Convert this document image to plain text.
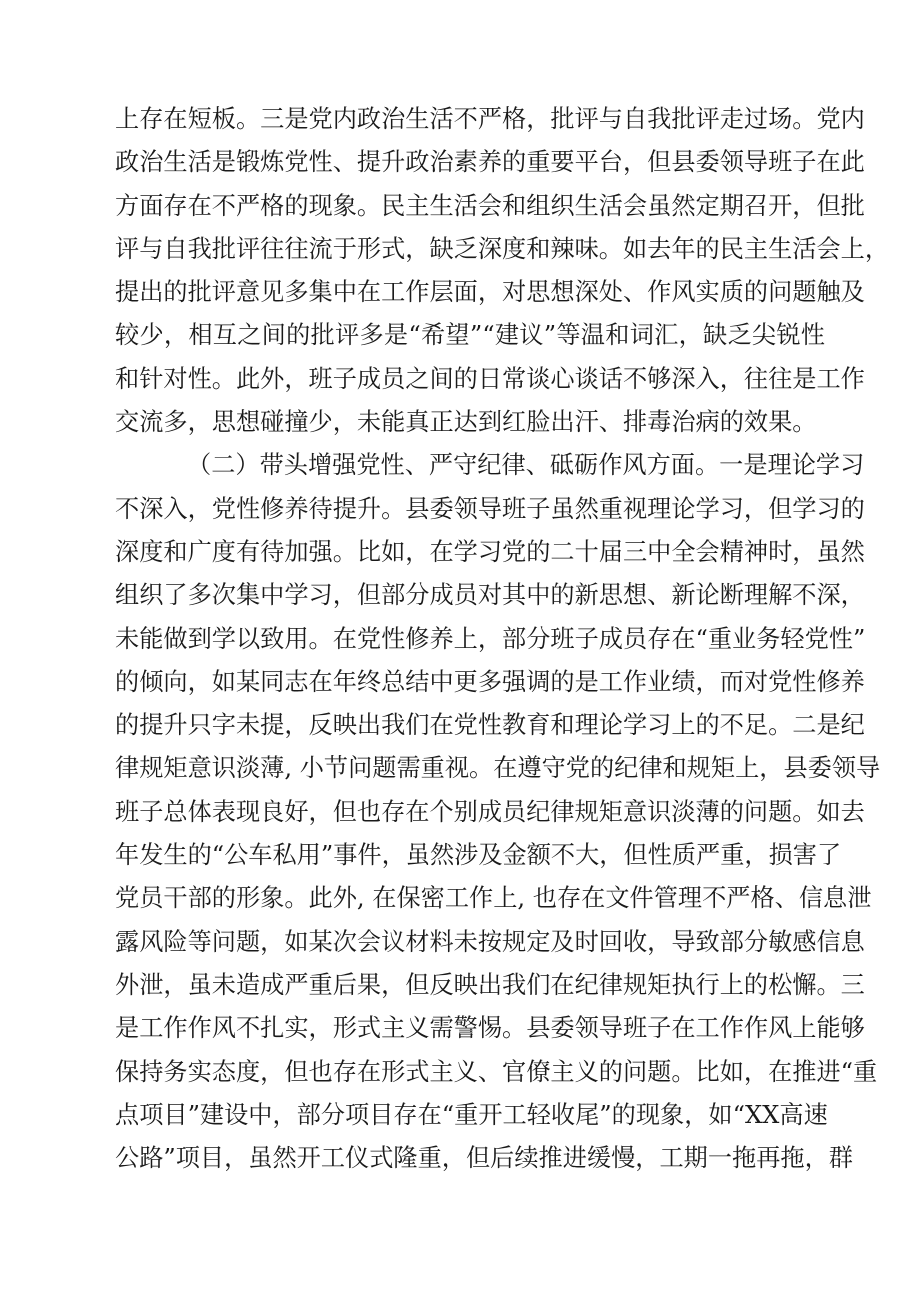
上存在短板。三是党内政治生活不严格，批评与自我批评走过场。党内
政治生活是锻炼党性、提升政治素养的重要平台，但县委领导班子在此
方面存在不严格的现象。民主生活会和组织生活会虽然定期召开，但批
评与自我批评往往流于形式，缺乏深度和辣味。如去年的民主生活会上，
提出的批评意见多集中在工作层面，对思想深处、作风实质的问题触及
较少，相互之间的批评多是“希望”“建议”等温和词汇，缺乏尖锐性
和针对性。此外，班子成员之间的日常谈心谈话不够深入，往往是工作
交流多，思想碰撞少，未能真正达到红脸出汗、排毒治病的效果。
（二）带头增强党性、严守纪律、砥砺作风方面。一是理论学习
不深入，党性修养待提升。县委领导班子虽然重视理论学习，但学习的
深度和广度有待加强。比如，在学习党的二十届三中全会精神时，虽然
组织了多次集中学习，但部分成员对其中的新思想、新论断理解不深，
未能做到学以致用。在党性修养上，部分班子成员存在“重业务轻党性”
的倾向，如某同志在年终总结中更多强调的是工作业绩，而对党性修养
的提升只字未提，反映出我们在党性教育和理论学习上的不足。二是纪
律规矩意识淡薄, 小节问题需重视。在遵守党的纪律和规矩上，县委领导
班子总体表现良好，但也存在个别成员纪律规矩意识淡薄的问题。如去
年发生的“公车私用”事件，虽然涉及金额不大，但性质严重，损害了
党员干部的形象。此外, 在保密工作上, 也存在文件管理不严格、信息泄
露风险等问题，如某次会议材料未按规定及时回收，导致部分敏感信息
外泄，虽未造成严重后果，但反映出我们在纪律规矩执行上的松懈。三
是工作作风不扎实，形式主义需警惕。县委领导班子在工作作风上能够
保持务实态度，但也存在形式主义、官僚主义的问题。比如，在推进“重
点项目”建设中，部分项目存在“重开工轻收尾”的现象，如“XX高速
公路”项目，虽然开工仪式隆重，但后续推进缓慢，工期一拖再拖，群
